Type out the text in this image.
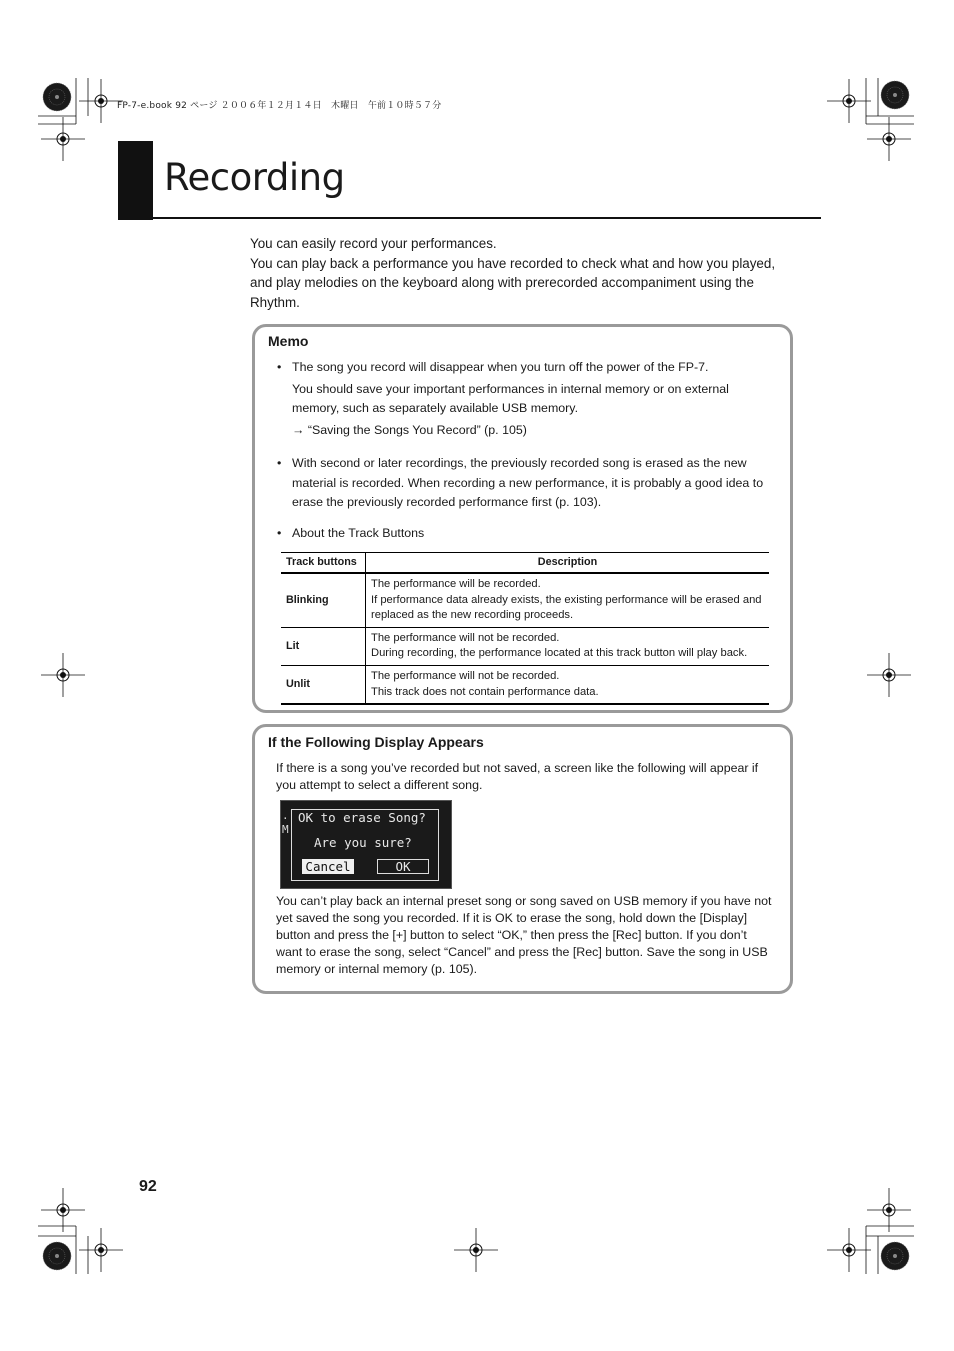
FP-7-e.book 92 ページ ２００６年１２月１４日　木曜日　午前１０時５７分
Recording

You can easily record your performances.

You can play back a performance you have recorded to check what and how you played, and play melodies on the keyboard along with prerecorded accompaniment using the Rhythm.

Memo
• The song you record will disappear when you turn off the power of the FP-7.

You should save your important performances in internal memory or on external memory, such as separately available USB memory.

→ “Saving the Songs You Record” (p. 105)

• With second or later recordings, the previously recorded song is erased as the new material is recorded. When recording a new performance, it is probably a good idea to erase the previously recorded performance first (p. 103).

• About the Track Buttons

Track buttons	Description
Blinking	The performance will be recorded.
If performance data already exists, the existing performance will be erased and replaced as the new recording proceeds.

Lit	The performance will not be recorded.
During recording, the performance located at this track button will play back.

Unlit	The performance will not be recorded.
This track does not contain performance data.
If the Following Display Appears

If there is a song you’ve recorded but not saved, a screen like the following will appear if you attempt to select a different song.

.
M
OK to erase Song?
Are you sure?
Cancel	OK

You can’t play back an internal preset song or song saved on USB memory if you have not yet saved the song you recorded. If it is OK to erase the song, hold down the [Display] button and press the [+] button to select “OK,” then press the [Rec] button. If you don’t want to erase the song, select “Cancel” and press the [Rec] button. Save the song in USB memory or internal memory (p. 105).

92
